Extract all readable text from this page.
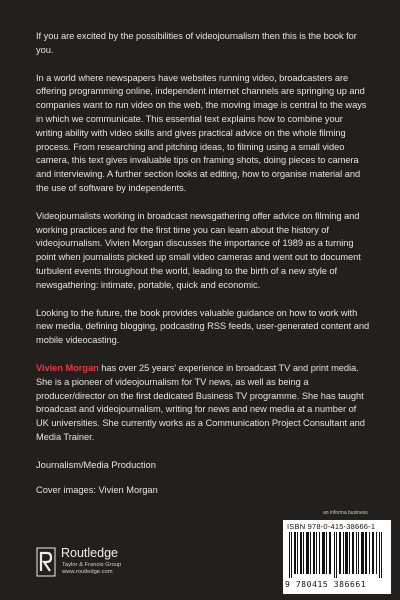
If you are excited by the possibilities of videojournalism then this is the book for you.

In a world where newspapers have websites running video, broadcasters are offering programming online, independent internet channels are springing up and companies want to run video on the web, the moving image is central to the ways in which we communicate. This essential text explains how to combine your writing ability with video skills and gives practical advice on the whole filming process. From researching and pitching ideas, to filming using a small video camera, this text gives invaluable tips on framing shots, doing pieces to camera and interviewing. A further section looks at editing, how to organise material and the use of software by independents.

Videojournalists working in broadcast newsgathering offer advice on filming and working practices and for the first time you can learn about the history of videojournalism. Vivien Morgan discusses the importance of 1989 as a turning point when journalists picked up small video cameras and went out to document turbulent events throughout the world, leading to the birth of a new style of newsgathering: intimate, portable, quick and economic.

Looking to the future, the book provides valuable guidance on how to work with new media, defining blogging, podcasting RSS feeds, user-generated content and mobile videocasting.

Vivien Morgan has over 25 years' experience in broadcast TV and print media. She is a pioneer of videojournalism for TV news, as well as being a producer/director on the first dedicated Business TV programme. She has taught broadcast and videojournalism, writing for news and new media at a number of UK universities. She currently works as a Communication Project Consultant and Media Trainer.

Journalism/Media Production

Cover images: Vivien Morgan

an informa business
ISBN 978-0-415-38666-1
9 780415 386661
Routledge
Taylor & Francis Group
www.routledge.com
